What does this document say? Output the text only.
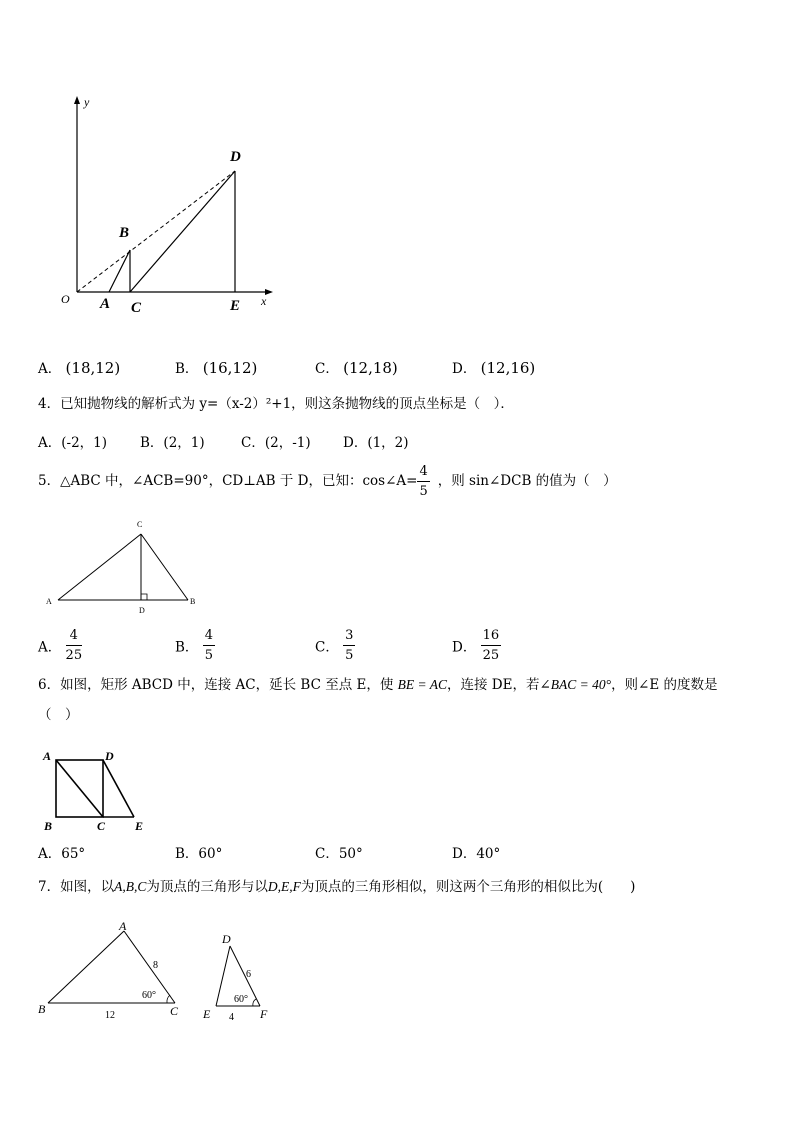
y
x
O A
B
C
D
E
A． (18,12)	B． (16,12)	C． (12,18)	D． (12,16)
4．已知抛物线的解析式为 y=（x-2）²+1，则这条抛物线的顶点坐标是（　）．
A．(-2，1) B．(2，1)	C．(2，-1) D．(1，2)
5．△ABC 中，∠ACB=90°，CD⊥AB 于 D，已知：cos∠A= $\frac{4}{5}$ ，则 sin∠DCB 的值为（　）
C
A	B
D
A． $\frac{4}{25}$	B． $\frac{4}{5}$	C． $\frac{3}{5}$	D． $\frac{16}{25}$
6．如图，矩形 ABCD 中，连接 AC，延长 BC 至点 E，使 BE = AC，连接 DE，若∠BAC = 40°，则∠E 的度数是
（　）
A	D
B	C E
A．65°	B．60°	C．50°	D．40°
7．如图，以A,B,C为顶点的三角形与以D,E,F为顶点的三角形相似，则这两个三角形的相似比为(　　)
A
B	C
8
12
60°
D
E	F
6
4
60°
